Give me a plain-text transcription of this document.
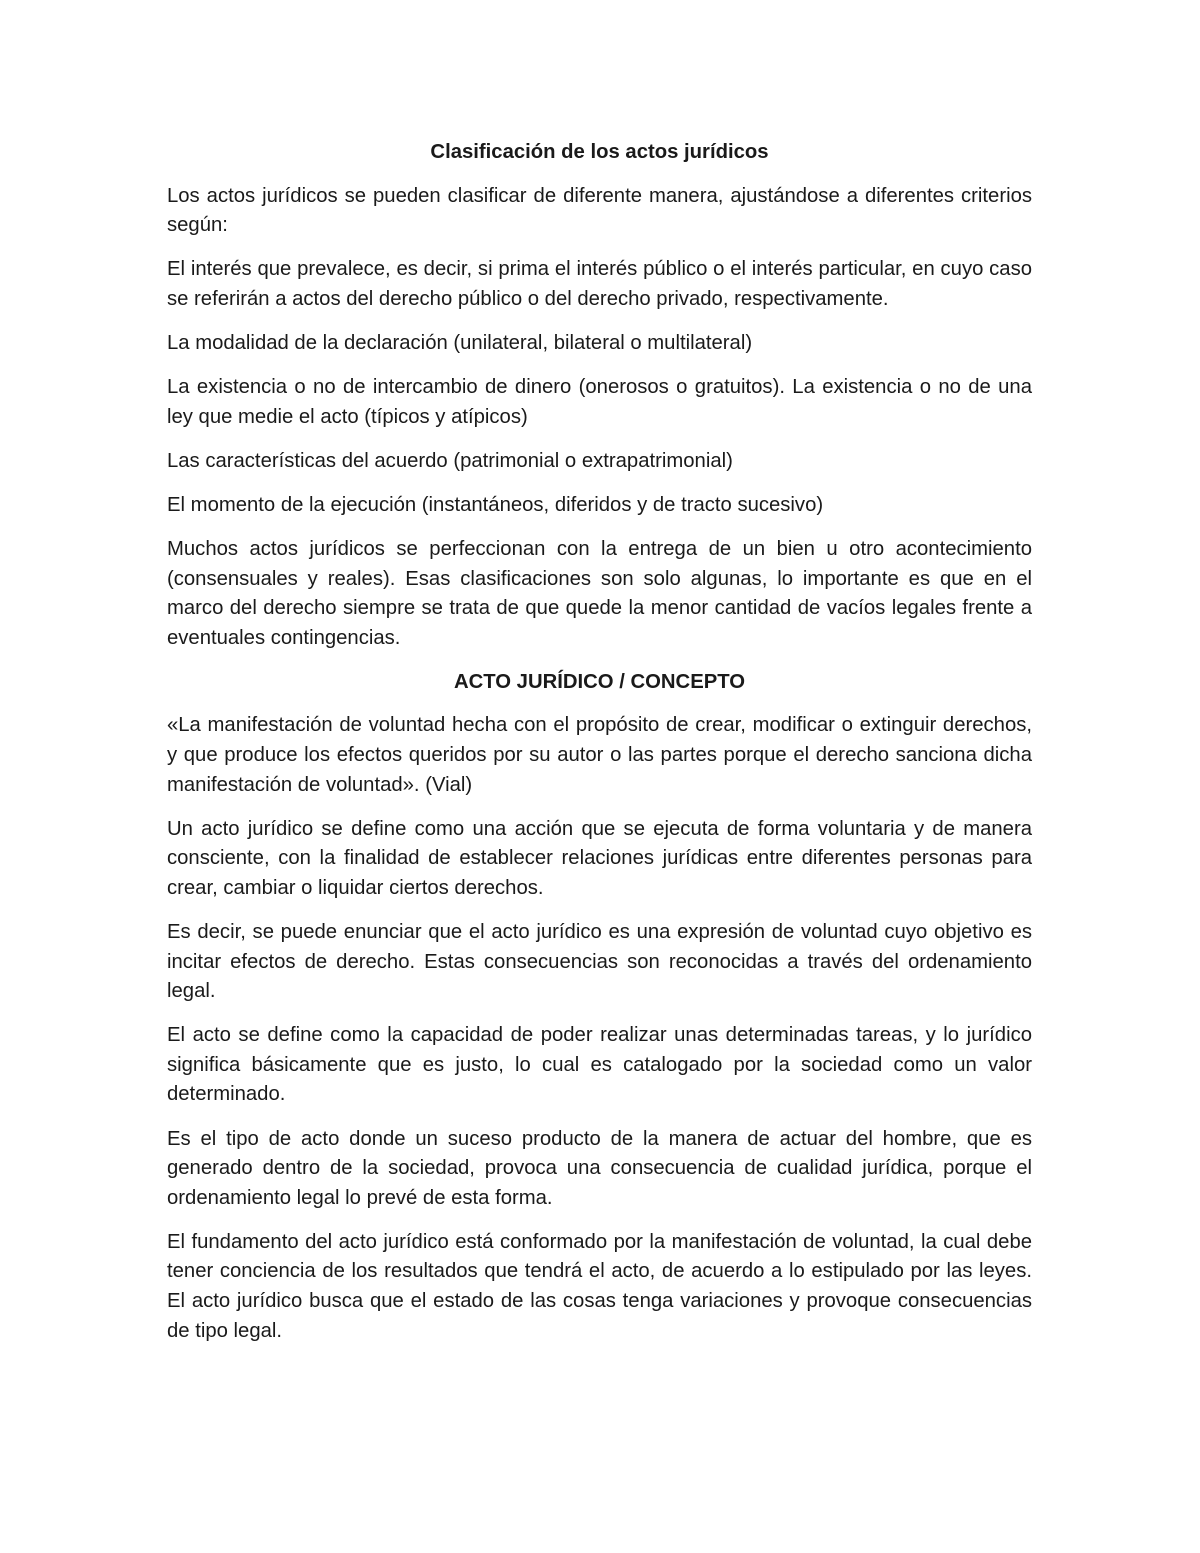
Clasificación de los actos jurídicos
Los actos jurídicos se pueden clasificar de diferente manera, ajustándose a diferentes criterios según:
El interés que prevalece, es decir, si prima el interés público o el interés particular, en cuyo caso se referirán a actos del derecho público o del derecho privado, respectivamente.
La modalidad de la declaración (unilateral, bilateral o multilateral)
La existencia o no de intercambio de dinero (onerosos o gratuitos). La existencia o no de una ley que medie el acto (típicos y atípicos)
Las características del acuerdo (patrimonial o extrapatrimonial)
El momento de la ejecución (instantáneos, diferidos y de tracto sucesivo)
Muchos actos jurídicos se perfeccionan con la entrega de un bien u otro acontecimiento (consensuales y reales). Esas clasificaciones son solo algunas, lo importante es que en el marco del derecho siempre se trata de que quede la menor cantidad de vacíos legales frente a eventuales contingencias.
ACTO JURÍDICO / CONCEPTO
«La manifestación de voluntad hecha con el propósito de crear, modificar o extinguir derechos, y que produce los efectos queridos por su autor o las partes porque el derecho sanciona dicha manifestación de voluntad». (Vial)
Un acto jurídico se define como una acción que se ejecuta de forma voluntaria y de manera consciente, con la finalidad de establecer relaciones jurídicas entre diferentes personas para crear, cambiar o liquidar ciertos derechos.
Es decir, se puede enunciar que el acto jurídico es una expresión de voluntad cuyo objetivo es incitar efectos de derecho. Estas consecuencias son reconocidas a través del ordenamiento legal.
El acto se define como la capacidad de poder realizar unas determinadas tareas, y lo jurídico significa básicamente que es justo, lo cual es catalogado por la sociedad como un valor determinado.
Es el tipo de acto donde un suceso producto de la manera de actuar del hombre, que es generado dentro de la sociedad, provoca una consecuencia de cualidad jurídica, porque el ordenamiento legal lo prevé de esta forma.
El fundamento del acto jurídico está conformado por la manifestación de voluntad, la cual debe tener conciencia de los resultados que tendrá el acto, de acuerdo a lo estipulado por las leyes. El acto jurídico busca que el estado de las cosas tenga variaciones y provoque consecuencias de tipo legal.
